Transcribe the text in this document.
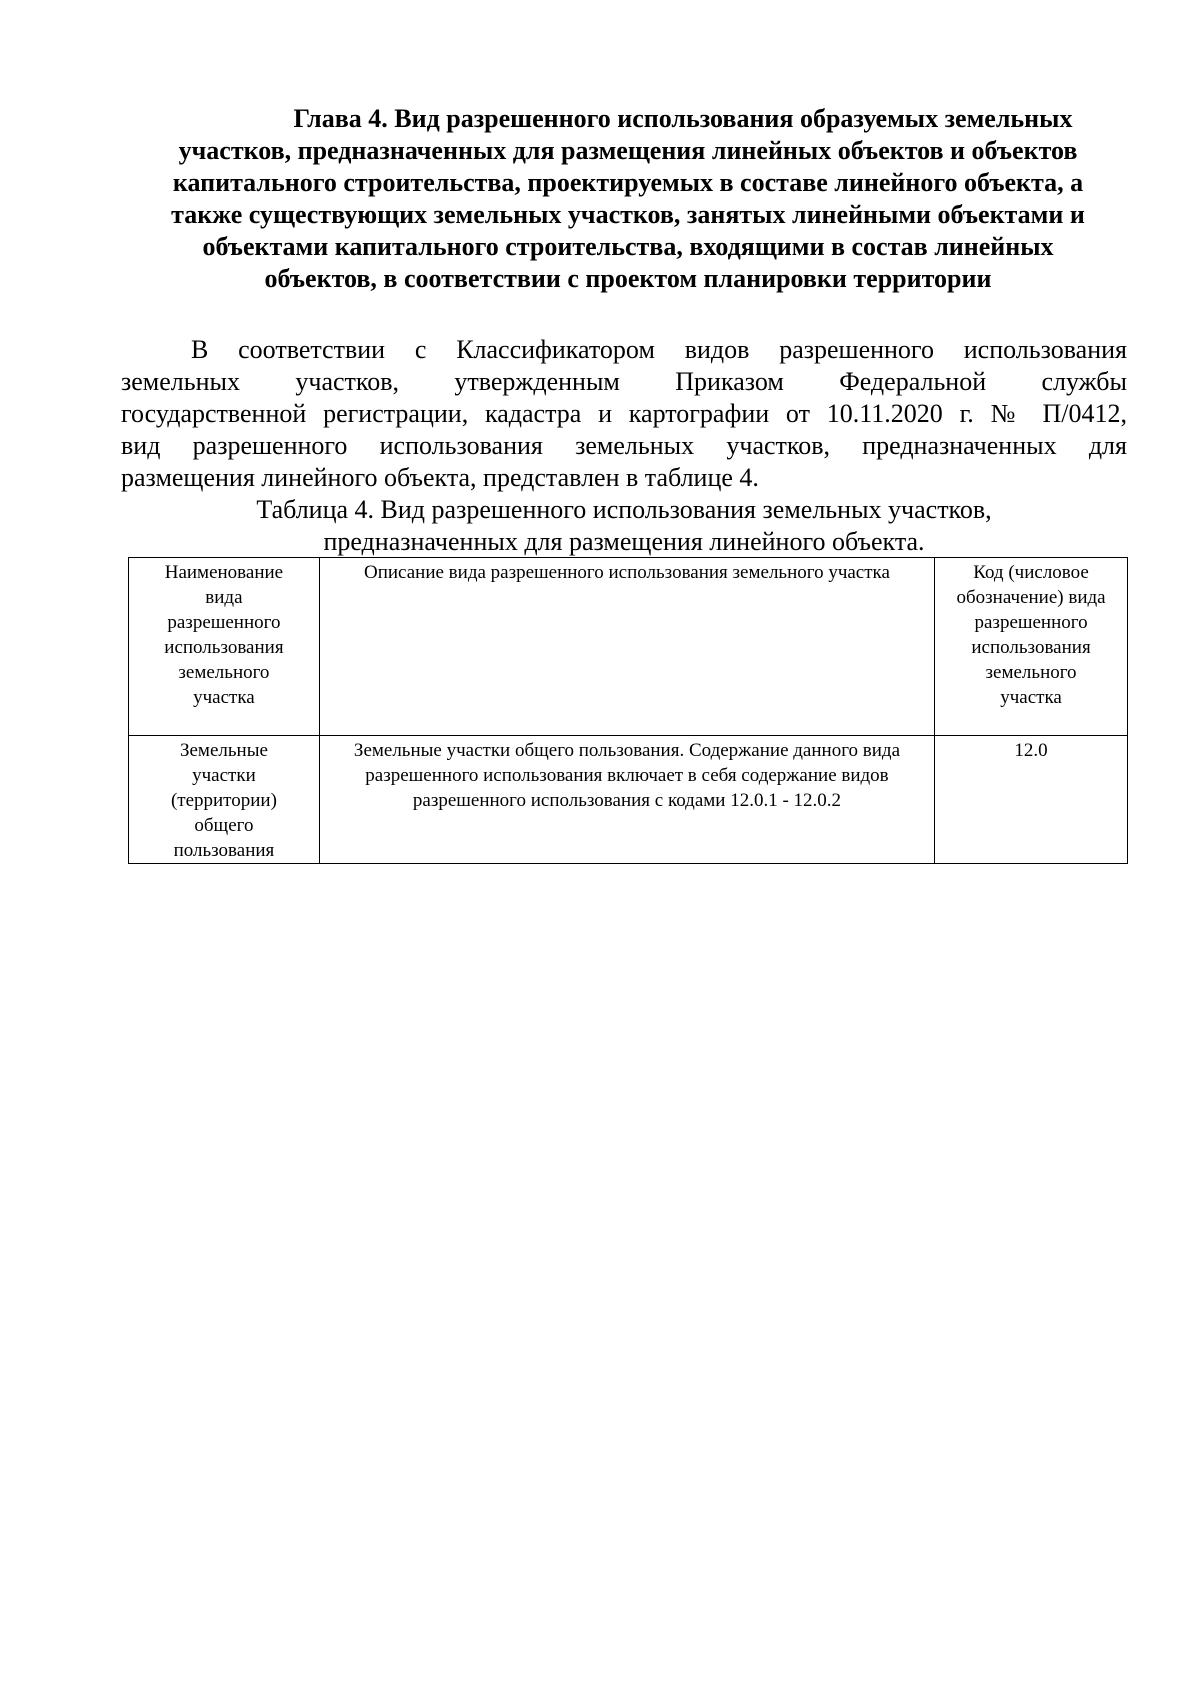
Глава 4. Вид разрешенного использования образуемых земельных
участков, предназначенных для размещения линейных объектов и объектов
капитального строительства, проектируемых в составе линейного объекта, а
также существующих земельных участков, занятых линейными объектами и
объектами капитального строительства, входящими в состав линейных
объектов, в соответствии с проектом планировки территории

В соответствии с Классификатором видов разрешенного использования
земельных участков, утвержденным Приказом Федеральной службы
государственной регистрации, кадастра и картографии от 10.11.2020 г. № П/0412,
вид разрешенного использования земельных участков, предназначенных для
размещения линейного объекта, представлен в таблице 4.

Таблица 4. Вид разрешенного использования земельных участков,
предназначенных для размещения линейного объекта.

Наименование вида разрешенного использования земельного участка	Описание вида разрешенного использования земельного участка	Код (числовое обозначение) вида разрешенного использования земельного участка
Земельные участки (территории) общего пользования	Земельные участки общего пользования. Содержание данного вида разрешенного использования включает в себя содержание видов разрешенного использования с кодами 12.0.1 - 12.0.2	12.0
